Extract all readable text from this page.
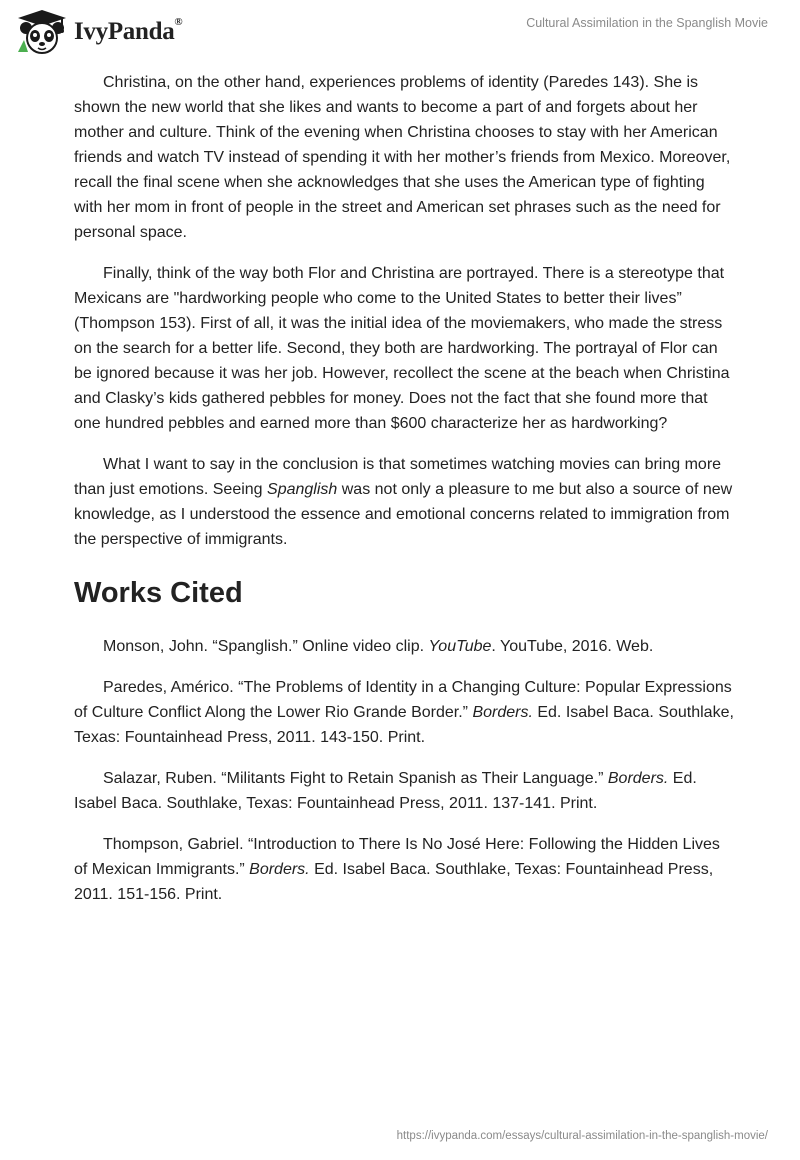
IvyPanda®	Cultural Assimilation in the Spanglish Movie

Christina, on the other hand, experiences problems of identity (Paredes 143). She is shown the new world that she likes and wants to become a part of and forgets about her mother and culture. Think of the evening when Christina chooses to stay with her American friends and watch TV instead of spending it with her mother’s friends from Mexico. Moreover, recall the final scene when she acknowledges that she uses the American type of fighting with her mom in front of people in the street and American set phrases such as the need for personal space.

Finally, think of the way both Flor and Christina are portrayed. There is a stereotype that Mexicans are "hardworking people who come to the United States to better their lives” (Thompson 153). First of all, it was the initial idea of the moviemakers, who made the stress on the search for a better life. Second, they both are hardworking. The portrayal of Flor can be ignored because it was her job. However, recollect the scene at the beach when Christina and Clasky’s kids gathered pebbles for money. Does not the fact that she found more that one hundred pebbles and earned more than $600 characterize her as hardworking?

What I want to say in the conclusion is that sometimes watching movies can bring more than just emotions. Seeing Spanglish was not only a pleasure to me but also a source of new knowledge, as I understood the essence and emotional concerns related to immigration from the perspective of immigrants.

Works Cited

Monson, John. “Spanglish.” Online video clip. YouTube. YouTube, 2016. Web.

Paredes, Américo. “The Problems of Identity in a Changing Culture: Popular Expressions of Culture Conflict Along the Lower Rio Grande Border.” Borders. Ed. Isabel Baca. Southlake, Texas: Fountainhead Press, 2011. 143-150. Print.

Salazar, Ruben. “Militants Fight to Retain Spanish as Their Language.” Borders. Ed. Isabel Baca. Southlake, Texas: Fountainhead Press, 2011. 137-141. Print.

Thompson, Gabriel. “Introduction to There Is No José Here: Following the Hidden Lives of Mexican Immigrants.” Borders. Ed. Isabel Baca. Southlake, Texas: Fountainhead Press, 2011. 151-156. Print.

https://ivypanda.com/essays/cultural-assimilation-in-the-spanglish-movie/
